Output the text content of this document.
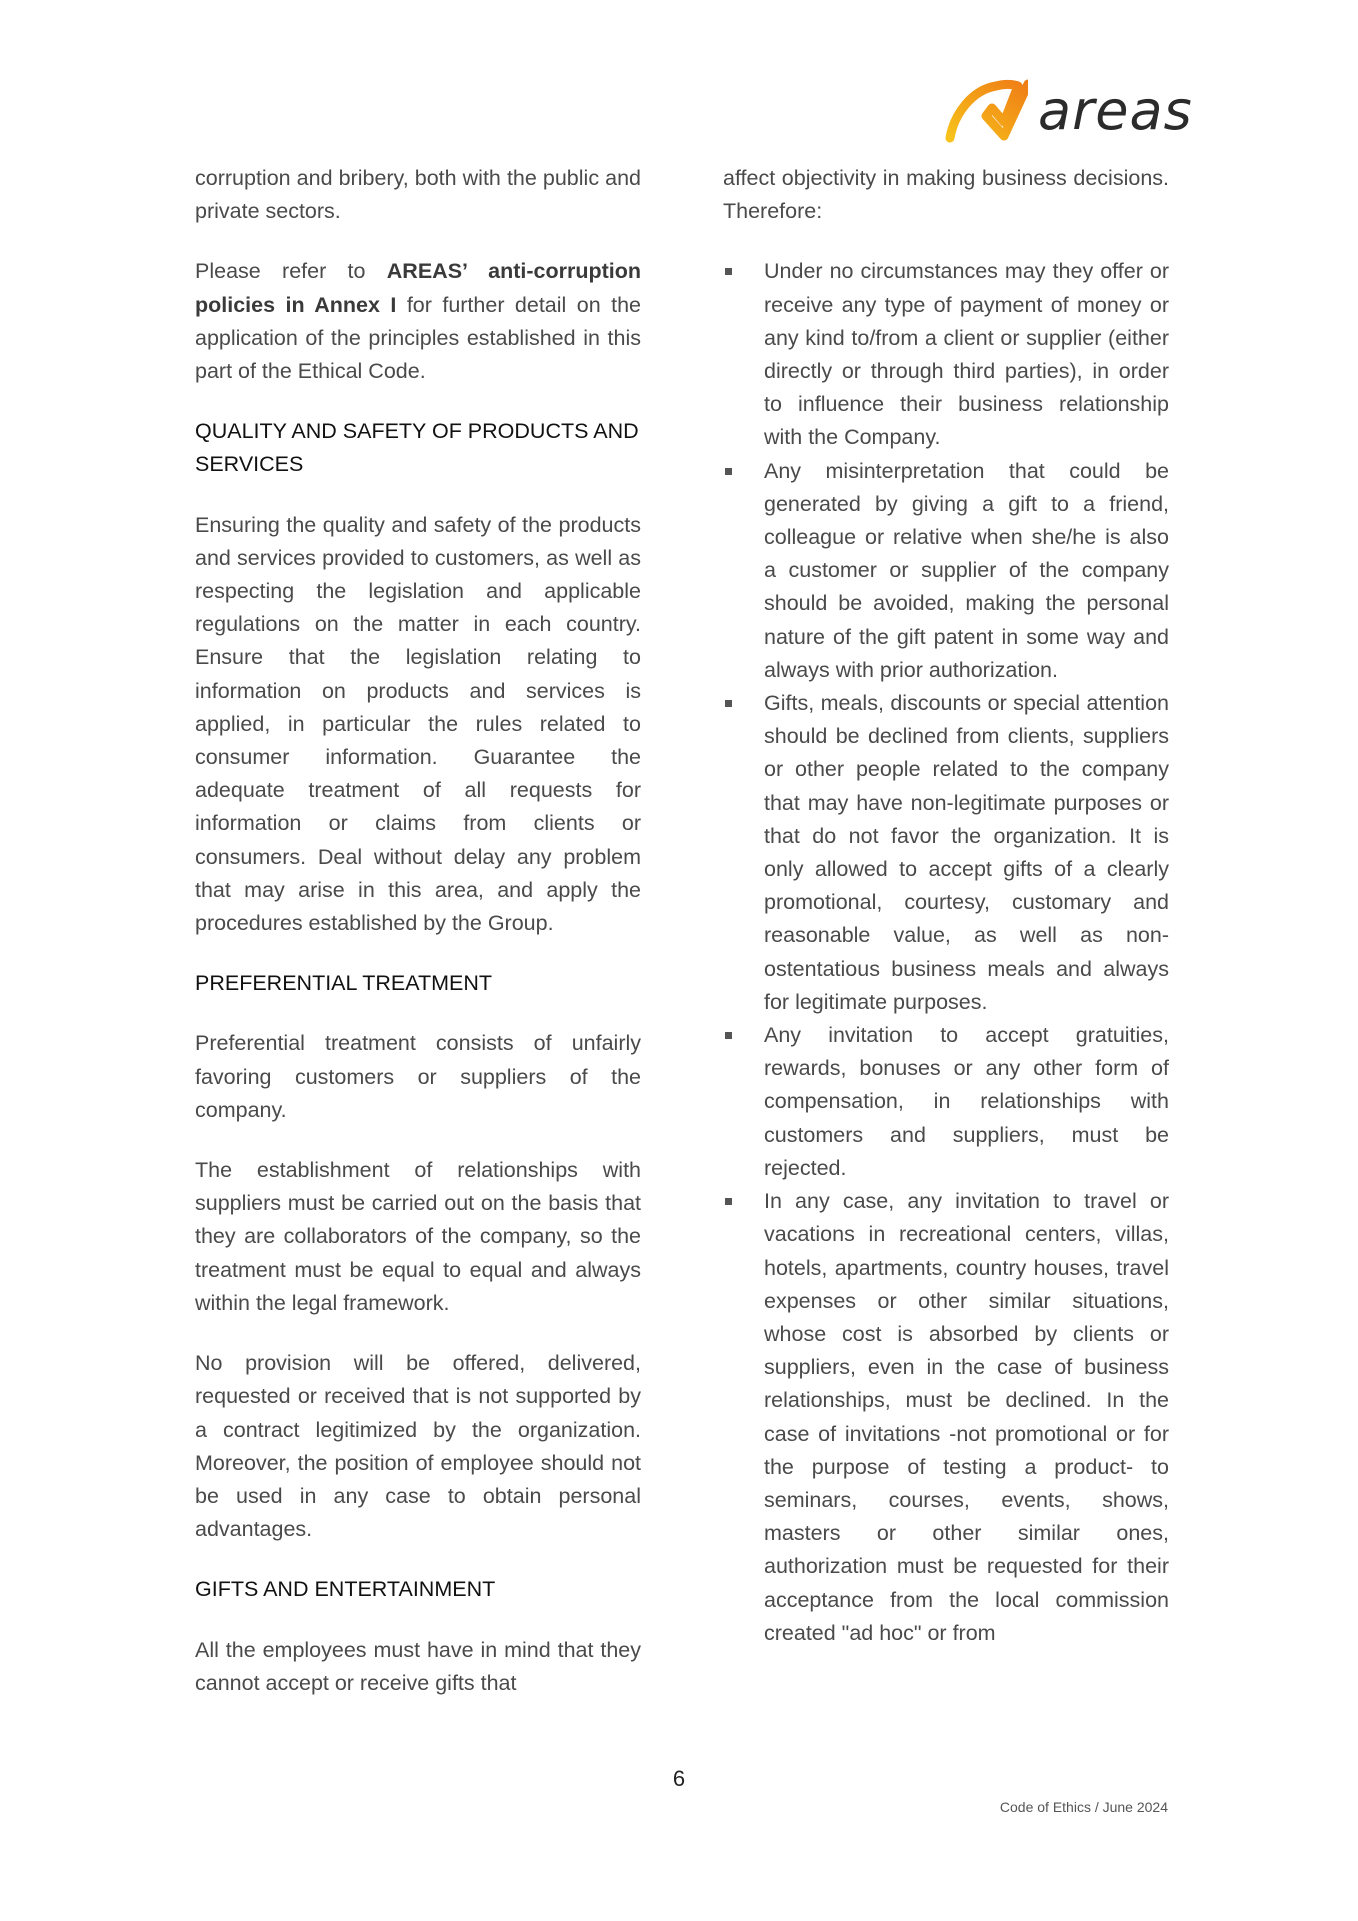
areas

corruption and bribery, both with the public and private sectors.

Please refer to AREAS’ anti-corruption policies in Annex I for further detail on the application of the principles established in this part of the Ethical Code.

QUALITY AND SAFETY OF PRODUCTS AND SERVICES

Ensuring the quality and safety of the products and services provided to customers, as well as respecting the legislation and applicable regulations on the matter in each country. Ensure that the legislation relating to information on products and services is applied, in particular the rules related to consumer information. Guarantee the adequate treatment of all requests for information or claims from clients or consumers. Deal without delay any problem that may arise in this area, and apply the procedures established by the Group.

PREFERENTIAL TREATMENT

Preferential treatment consists of unfairly favoring customers or suppliers of the company.

The establishment of relationships with suppliers must be carried out on the basis that they are collaborators of the company, so the treatment must be equal to equal and always within the legal framework.

No provision will be offered, delivered, requested or received that is not supported by a contract legitimized by the organization. Moreover, the position of employee should not be used in any case to obtain personal advantages.

GIFTS AND ENTERTAINMENT

All the employees must have in mind that they cannot accept or receive gifts that

affect objectivity in making business decisions. Therefore:

Under no circumstances may they offer or receive any type of payment of money or any kind to/from a client or supplier (either directly or through third parties), in order to influence their business relationship with the Company.
Any misinterpretation that could be generated by giving a gift to a friend, colleague or relative when she/he is also a customer or supplier of the company should be avoided, making the personal nature of the gift patent in some way and always with prior authorization.
Gifts, meals, discounts or special attention should be declined from clients, suppliers or other people related to the company that may have non-legitimate purposes or that do not favor the organization. It is only allowed to accept gifts of a clearly promotional, courtesy, customary and reasonable value, as well as non-ostentatious business meals and always for legitimate purposes.
Any invitation to accept gratuities, rewards, bonuses or any other form of compensation, in relationships with customers and suppliers, must be rejected.
In any case, any invitation to travel or vacations in recreational centers, villas, hotels, apartments, country houses, travel expenses or other similar situations, whose cost is absorbed by clients or suppliers, even in the case of business relationships, must be declined. In the case of invitations -not promotional or for the purpose of testing a product- to seminars, courses, events, shows, masters or other similar ones, authorization must be requested for their acceptance from the local commission created "ad hoc" or from
6
Code of Ethics / June 2024
